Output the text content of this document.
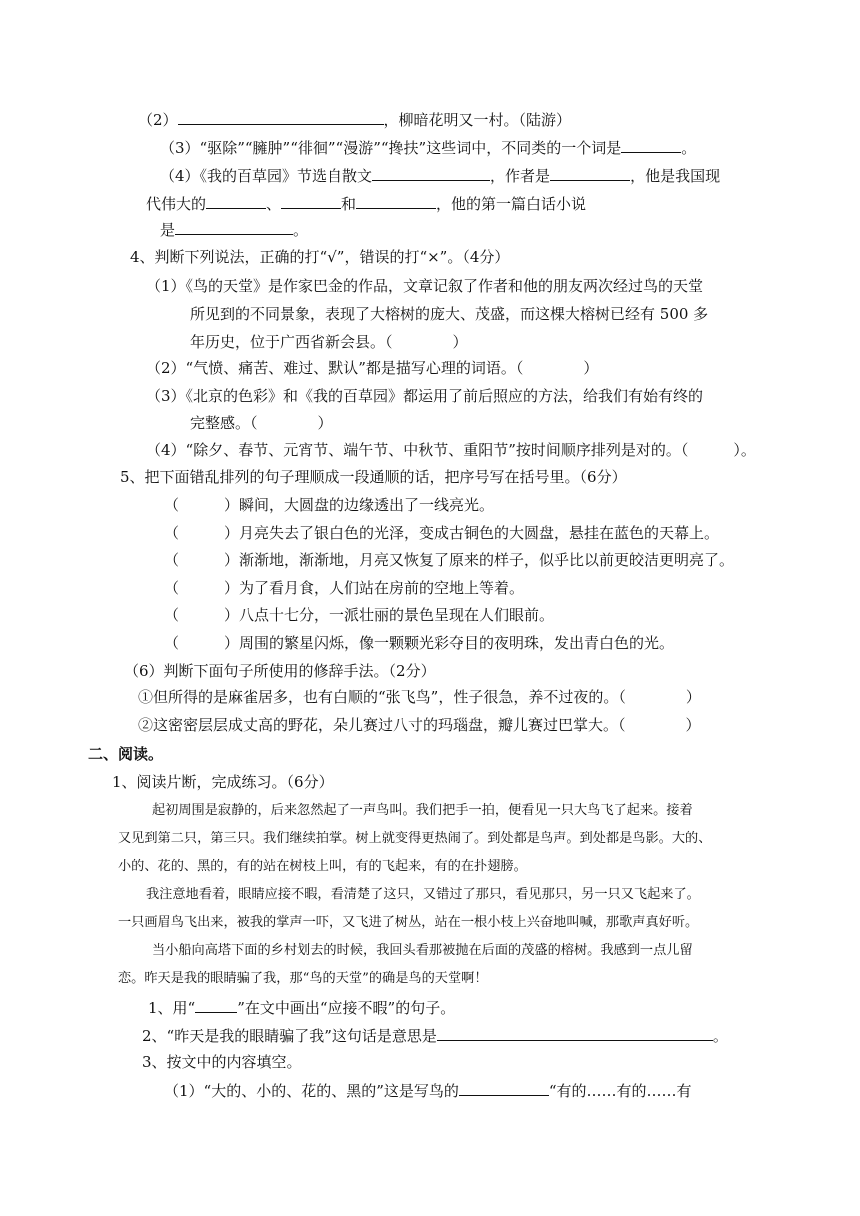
（2）	，柳暗花明又一村。（陆游）
（3）“驱除”“臃肿”“徘徊”“漫游”“搀扶”这些词中，不同类的一个词是	。
（4）《我的百草园》节选自散文	，作者是	，他是我国现
代伟大的	、	和	，他的第一篇白话小说
是	。
4、判断下列说法，正确的打“√”，错误的打“×”。（4分）
（1）《鸟的天堂》是作家巴金的作品，文章记叙了作者和他的朋友两次经过鸟的天堂
所见到的不同景象，表现了大榕树的庞大、茂盛，而这棵大榕树已经有 500 多
年历史，位于广西省新会县。（　　　　）
（2）“气愤、痛苦、难过、默认”都是描写心理的词语。（　　　　）
（3）《北京的色彩》和《我的百草园》都运用了前后照应的方法，给我们有始有终的
完整感。（　　　　）
（4）“除夕、春节、元宵节、端午节、中秋节、重阳节”按时间顺序排列是对的。（　　　）。
5、把下面错乱排列的句子理顺成一段通顺的话，把序号写在括号里。（6分）
（　　　）瞬间，大圆盘的边缘透出了一线亮光。
（　　　）月亮失去了银白色的光泽，变成古铜色的大圆盘，悬挂在蓝色的天幕上。
（　　　）渐渐地，渐渐地，月亮又恢复了原来的样子，似乎比以前更皎洁更明亮了。
（　　　）为了看月食，人们站在房前的空地上等着。
（　　　）八点十七分，一派壮丽的景色呈现在人们眼前。
（　　　）周围的繁星闪烁，像一颗颗光彩夺目的夜明珠，发出青白色的光。
（6）判断下面句子所使用的修辞手法。（2分）
①但所得的是麻雀居多，也有白顺的“张飞鸟”，性子很急，养不过夜的。（　　　　）
②这密密层层成丈高的野花，朵儿赛过八寸的玛瑙盘，瓣儿赛过巴掌大。（　　　　）
二、阅读。
1、阅读片断，完成练习。（6分）
起初周围是寂静的，后来忽然起了一声鸟叫。我们把手一拍，便看见一只大鸟飞了起来。接着
又见到第二只，第三只。我们继续拍掌。树上就变得更热闹了。到处都是鸟声。到处都是鸟影。大的、
小的、花的、黑的，有的站在树枝上叫，有的飞起来，有的在扑翅膀。
我注意地看着，眼睛应接不暇，看清楚了这只，又错过了那只，看见那只，另一只又飞起来了。
一只画眉鸟飞出来，被我的掌声一吓，又飞进了树丛，站在一根小枝上兴奋地叫喊，那歌声真好听。
当小船向高塔下面的乡村划去的时候，我回头看那被抛在后面的茂盛的榕树。我感到一点儿留
恋。昨天是我的眼睛骗了我，那“鸟的天堂”的确是鸟的天堂啊！
1、用“	”在文中画出“应接不暇”的句子。
2、“昨天是我的眼睛骗了我”这句话是意思是	。
3、按文中的内容填空。
（1）“大的、小的、花的、黑的”这是写鸟的	“有的……有的……有
